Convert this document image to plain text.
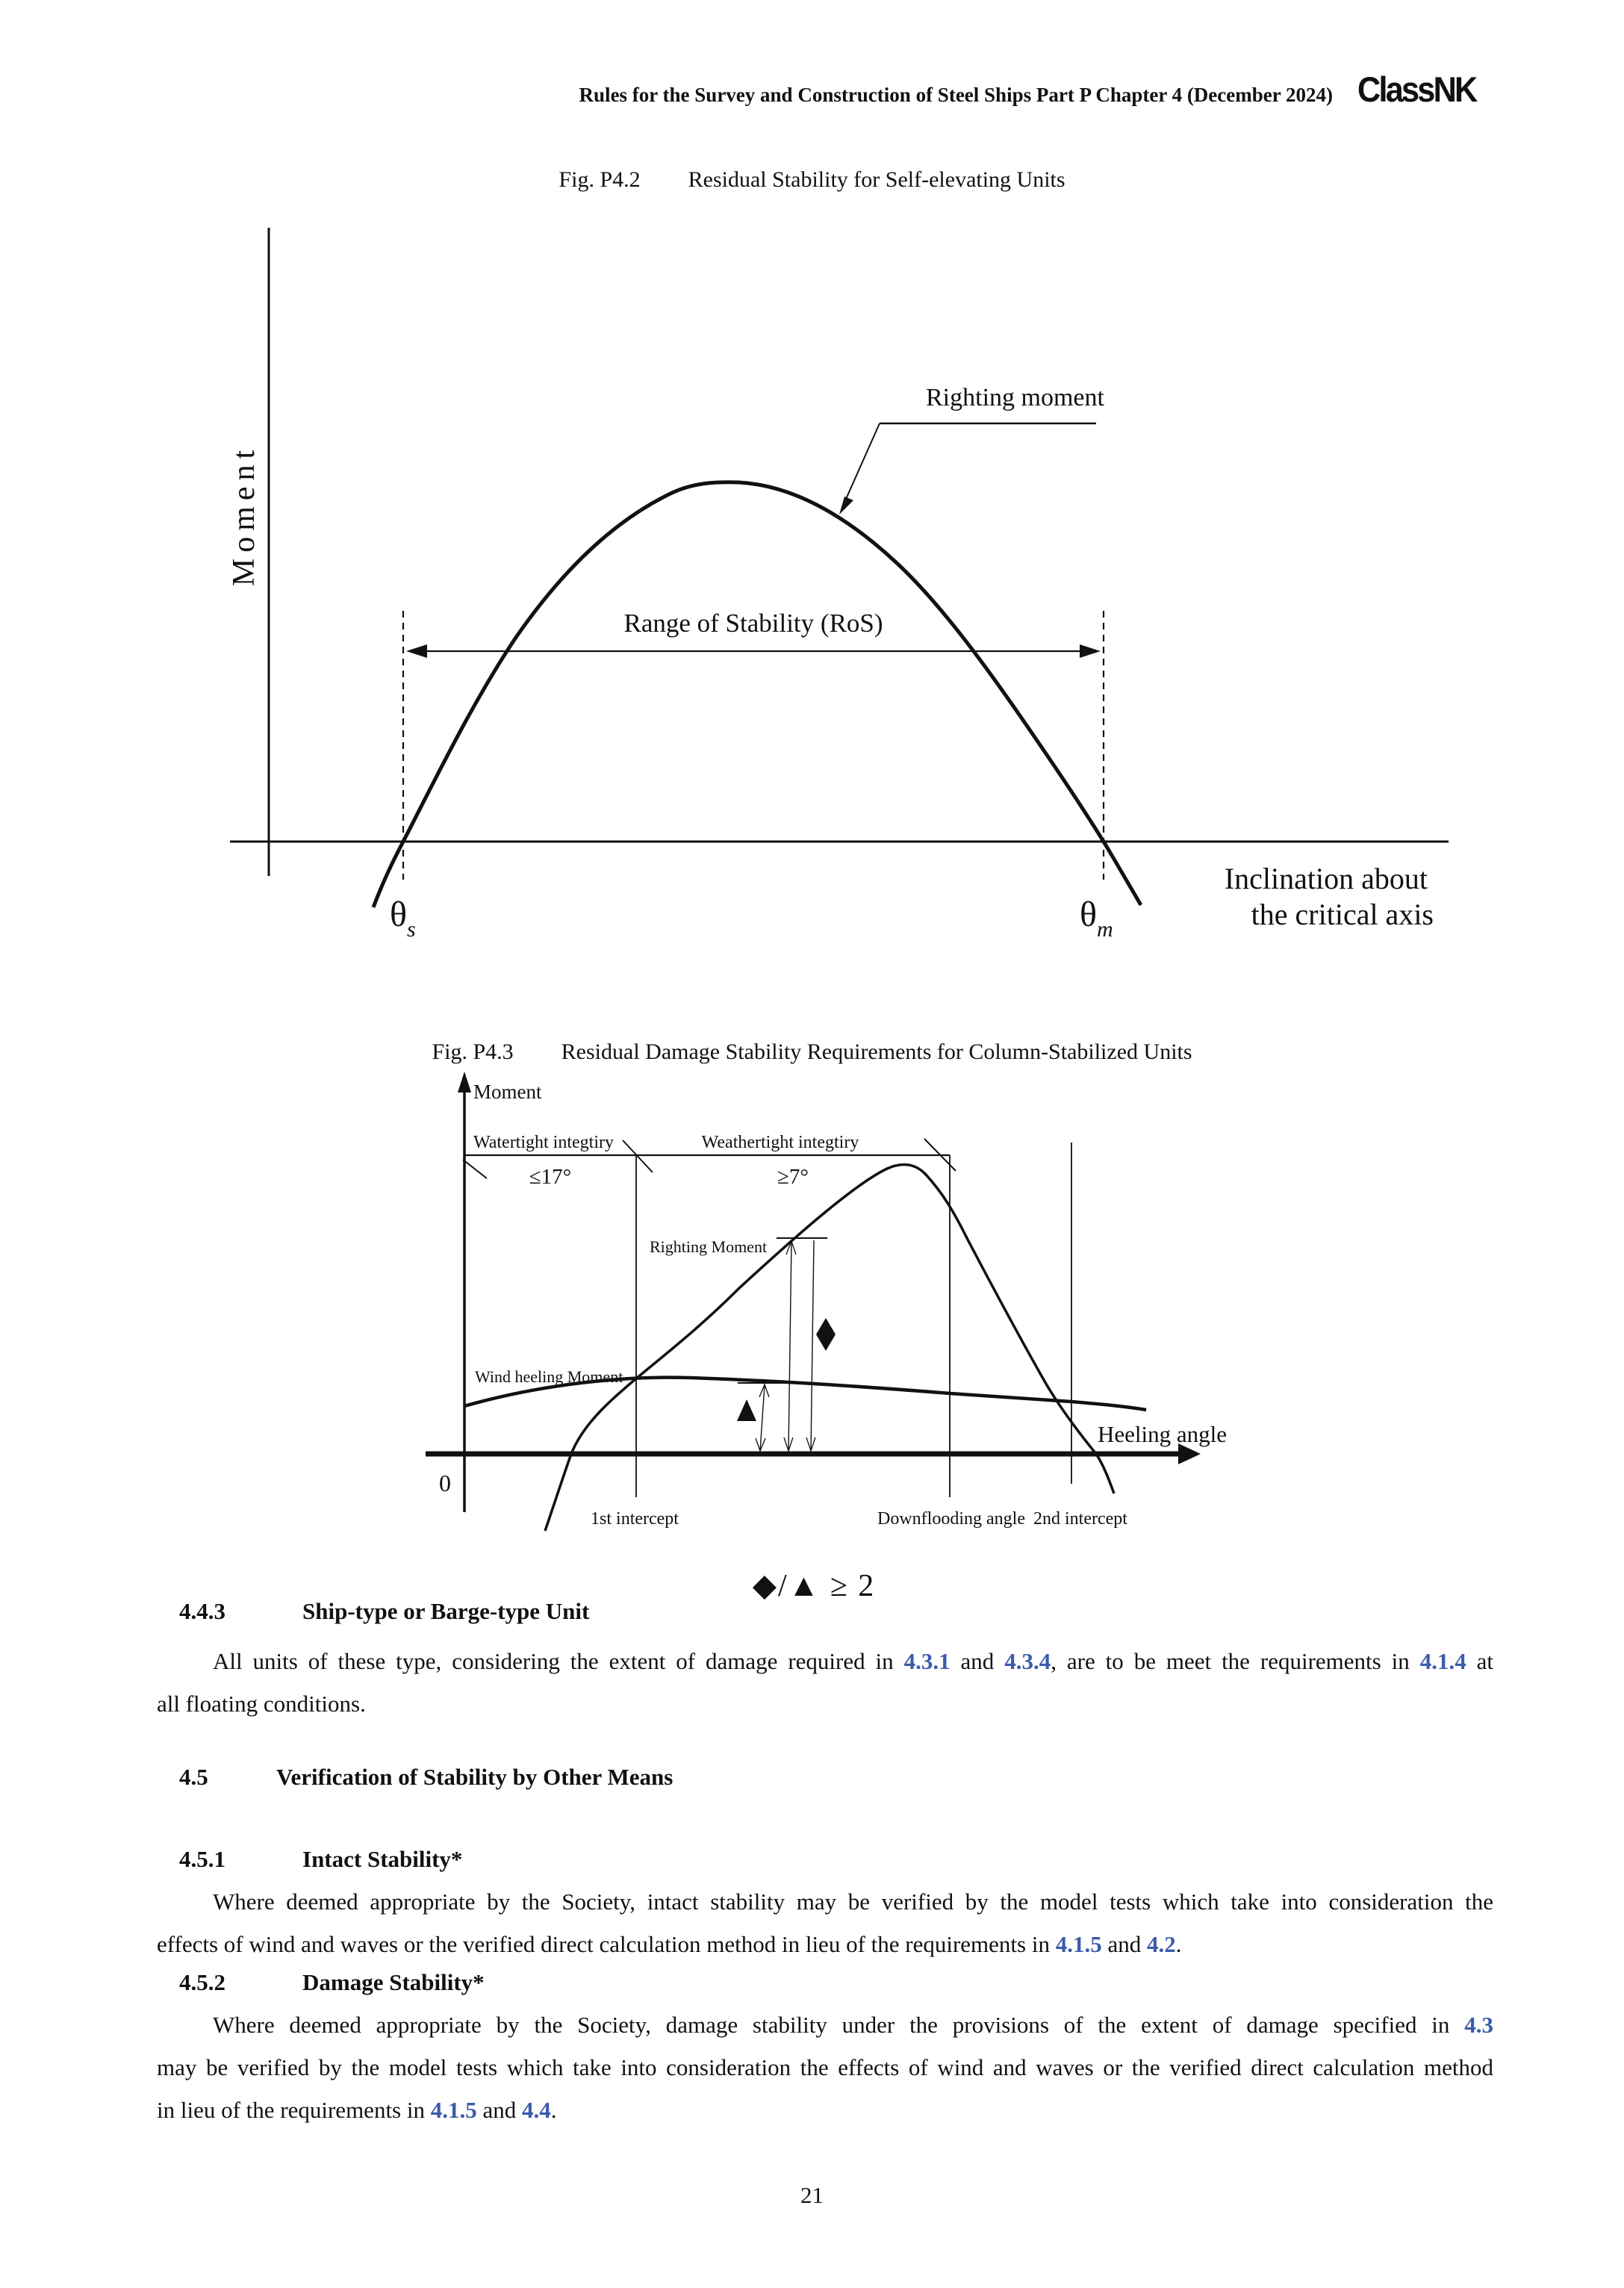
Rules for the Survey and Construction of Steel Ships Part P Chapter 4 (December 2024) ClassNK
Fig. P4.2 Residual Stability for Self-elevating Units
Moment
Range of Stability (RoS)
Righting moment
$\theta_s$	$\theta_m$
Inclination about
the critical axis
Fig. P4.3 Residual Damage Stability Requirements for Column-Stabilized Units
Moment
0
Watertight integtiry	Weathertight integtiry
≤17°	≥7°
Righting Moment
Wind heeling Moment
Heeling angle
1st intercept	Downflooding angle 2nd intercept
◆/▲ ≥ 2
4.4.3	Ship-type or Barge-type Unit
All units of these type, considering the extent of damage required in 4.3.1 and 4.3.4, are to be meet the requirements in 4.1.4 at
all floating conditions.
4.5	Verification of Stability by Other Means
4.5.1	Intact Stability*
Where deemed appropriate by the Society, intact stability may be verified by the model tests which take into consideration the
effects of wind and waves or the verified direct calculation method in lieu of the requirements in 4.1.5 and 4.2.
4.5.2	Damage Stability*
Where deemed appropriate by the Society, damage stability under the provisions of the extent of damage specified in 4.3
may be verified by the model tests which take into consideration the effects of wind and waves or the verified direct calculation method
in lieu of the requirements in 4.1.5 and 4.4.
21
